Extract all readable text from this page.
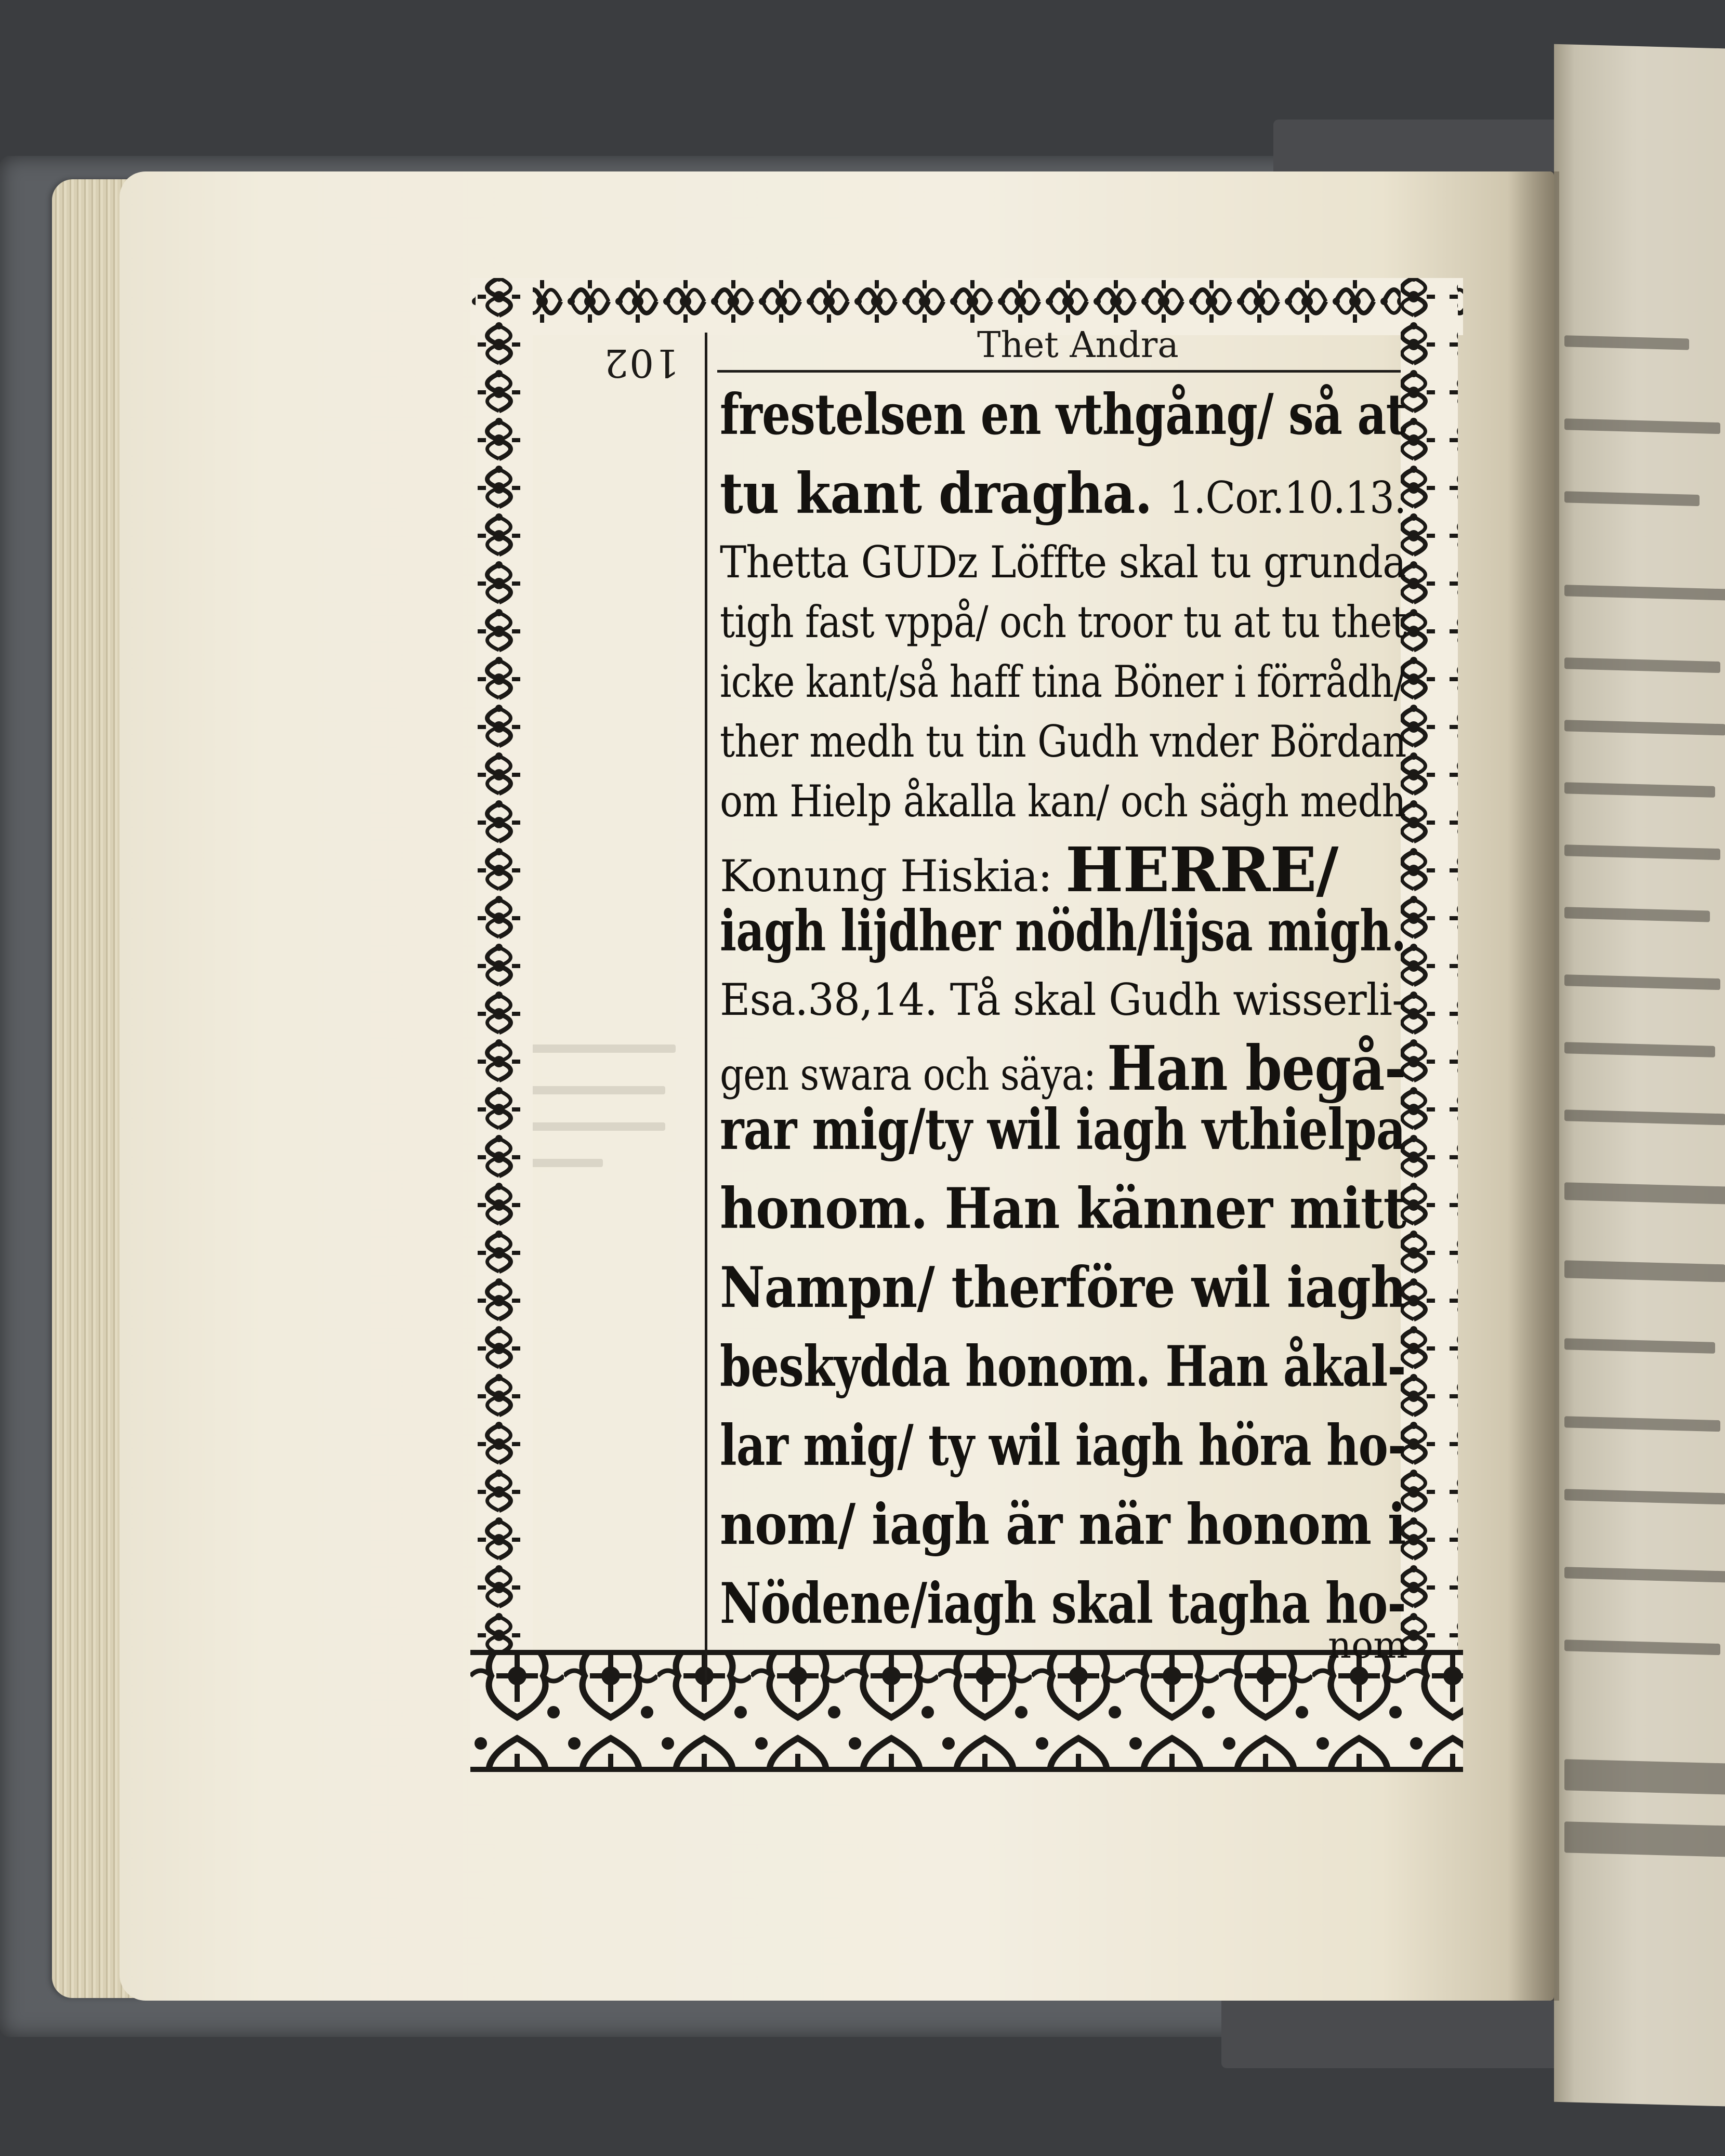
102	Thet Andra
frestelsen en vthgång/ så at
tu kant dragha. 1.Cor.10.13.
Thetta GUDz Löffte skal tu grunda
tigh fast vppå/ och troor tu at tu thet
icke kant/så haff tina Böner i förrådh/
ther medh tu tin Gudh vnder Bördan
om Hielp åkalla kan/ och sägh medh
Konung Hiskia: HERRE/
iagh lijdher nödh/lijsa migh.
Esa.38,14. Tå skal Gudh wisserli-
gen swara och säya: Han begå-
rar mig/ty wil iagh vthielpa
honom. Han känner mitt
Nampn/ therföre wil iagh
beskydda honom. Han åkal-
lar mig/ ty wil iagh höra ho-
nom/ iagh är när honom i
Nödene/iagh skal tagha ho-
nom
